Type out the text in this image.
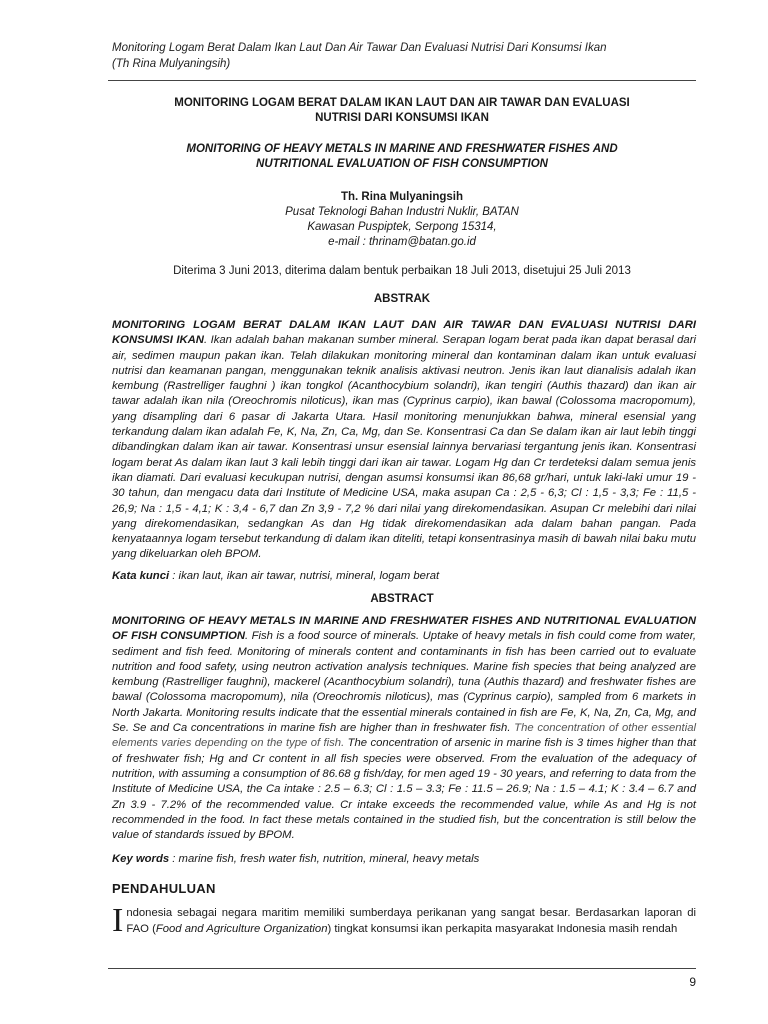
Monitoring Logam Berat Dalam Ikan Laut Dan Air Tawar Dan Evaluasi Nutrisi Dari Konsumsi Ikan
(Th Rina Mulyaningsih)
MONITORING LOGAM BERAT DALAM IKAN LAUT DAN AIR TAWAR DAN EVALUASI
NUTRISI DARI KONSUMSI IKAN
MONITORING OF HEAVY METALS IN MARINE AND FRESHWATER FISHES AND
NUTRITIONAL EVALUATION OF FISH CONSUMPTION
Th. Rina Mulyaningsih
Pusat Teknologi Bahan Industri Nuklir, BATAN
Kawasan Puspiptek, Serpong 15314,
e-mail : thrinam@batan.go.id
Diterima 3 Juni 2013, diterima dalam bentuk perbaikan 18 Juli 2013, disetujui 25 Juli 2013
ABSTRAK
MONITORING LOGAM BERAT DALAM IKAN LAUT DAN AIR TAWAR DAN EVALUASI NUTRISI DARI KONSUMSI IKAN. Ikan adalah bahan makanan sumber mineral. Serapan logam berat pada ikan dapat berasal dari air, sedimen maupun pakan ikan. Telah dilakukan monitoring mineral dan kontaminan dalam ikan untuk evaluasi nutrisi dan keamanan pangan, menggunakan teknik analisis aktivasi neutron. Jenis ikan laut dianalisis adalah ikan kembung (Rastrelliger faughni ) ikan tongkol (Acanthocybium solandri), ikan tengiri (Authis thazard) dan ikan air tawar adalah ikan nila (Oreochromis niloticus), ikan mas (Cyprinus carpio), ikan bawal (Colossoma macropomum), yang disampling dari 6 pasar di Jakarta Utara. Hasil monitoring menunjukkan bahwa, mineral esensial yang terkandung dalam ikan adalah Fe, K, Na, Zn, Ca, Mg, dan Se. Konsentrasi Ca dan Se dalam ikan air laut lebih tinggi dibandingkan dalam ikan air tawar. Konsentrasi unsur esensial lainnya bervariasi tergantung jenis ikan. Konsentrasi logam berat As dalam ikan laut 3 kali lebih tinggi dari ikan air tawar. Logam Hg dan Cr terdeteksi dalam semua jenis ikan diamati. Dari evaluasi kecukupan nutrisi, dengan asumsi konsumsi ikan 86,68 gr/hari, untuk laki-laki umur 19 - 30 tahun, dan mengacu data dari Institute of Medicine USA, maka asupan Ca : 2,5 - 6,3; Cl : 1,5 - 3,3; Fe : 11,5 - 26,9; Na : 1,5 - 4,1; K : 3,4 - 6,7 dan Zn 3,9 - 7,2 % dari nilai yang direkomendasikan. Asupan Cr melebihi dari nilai yang direkomendasikan, sedangkan As dan Hg tidak direkomendasikan ada dalam bahan pangan. Pada kenyataannya logam tersebut terkandung di dalam ikan diteliti, tetapi konsentrasinya masih di bawah nilai baku mutu yang dikeluarkan oleh BPOM.
Kata kunci : ikan laut, ikan air tawar, nutrisi, mineral, logam berat
ABSTRACT
MONITORING OF HEAVY METALS IN MARINE AND FRESHWATER FISHES AND NUTRITIONAL EVALUATION OF FISH CONSUMPTION. Fish is a food source of minerals. Uptake of heavy metals in fish could come from water, sediment and fish feed. Monitoring of minerals content and contaminants in fish has been carried out to evaluate nutrition and food safety, using neutron activation analysis techniques. Marine fish species that being analyzed are kembung (Rastrelliger faughni), mackerel (Acanthocybium solandri), tuna (Authis thazard) and freshwater fishes are bawal (Colossoma macropomum), nila (Oreochromis niloticus), mas (Cyprinus carpio), sampled from 6 markets in North Jakarta. Monitoring results indicate that the essential minerals contained in fish are Fe, K, Na, Zn, Ca, Mg, and Se. Se and Ca concentrations in marine fish are higher than in freshwater fish. The concentration of other essential elements varies depending on the type of fish. The concentration of arsenic in marine fish is 3 times higher than that of freshwater fish; Hg and Cr content in all fish species were observed. From the evaluation of the adequacy of nutrition, with assuming a consumption of 86.68 g fish/day, for men aged 19 - 30 years, and referring to data from the Institute of Medicine USA, the Ca intake : 2.5 – 6.3; Cl : 1.5 – 3.3; Fe : 11.5 – 26.9; Na : 1.5 – 4.1; K : 3.4 – 6.7 and Zn 3.9 - 7.2% of the recommended value. Cr intake exceeds the recommended value, while As and Hg is not recommended in the food. In fact these metals contained in the studied fish, but the concentration is still below the value of standards issued by BPOM.
Key words : marine fish, fresh water fish, nutrition, mineral, heavy metals
PENDAHULUAN
Indonesia sebagai negara maritim memiliki sumberdaya perikanan yang sangat besar. Berdasarkan laporan di FAO (Food and Agriculture Organization) tingkat konsumsi ikan perkapita masyarakat Indonesia masih rendah
9
